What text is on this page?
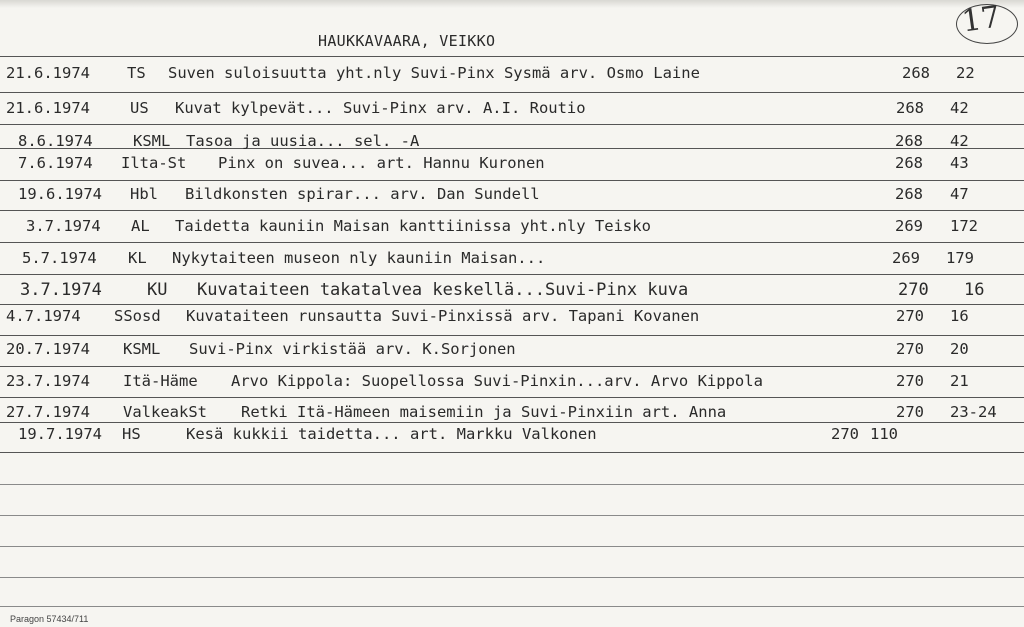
HAUKKAVAARA, VEIKKO
17
21.6.1974 TS Suven suloisuutta yht.nly Suvi-Pinx Sysmä arv. Osmo Laine	268 22
21.6.1974	US Kuvat kylpevät... Suvi-Pinx arv. A.I. Routio	268 42
8.6.1974	KSML Tasoa ja uusia... sel. -A	268 42
7.6.1974 Ilta-St Pinx on suvea... art. Hannu Kuronen	268 43
19.6.1974 Hbl Bildkonsten spirar... arv. Dan Sundell	268 47
3.7.1974 AL Taidetta kauniin Maisan kanttiinissa yht.nly Teisko	269 172
5.7.1974 KL Nykytaiteen museon nly kauniin Maisan...	269 179
3.7.1974	KU Kuvataiteen takatalvea keskellä...Suvi-Pinx kuva	270 16
4.7.1974 SSosd Kuvataiteen runsautta Suvi-Pinxissä arv. Tapani Kovanen	270 16
20.7.1974 KSML Suvi-Pinx virkistää arv. K.Sorjonen	270 20
23.7.1974 Itä-Häme Arvo Kippola: Suopellossa Suvi-Pinxin...arv. Arvo Kippola	270 21
27.7.1974 ValkeakSt Retki Itä-Hämeen maisemiin ja Suvi-Pinxiin art. Anna	270 23-24
19.7.1974 HS	Kesä kukkii taidetta... art. Markku Valkonen	270 110
Paragon 57434/711
